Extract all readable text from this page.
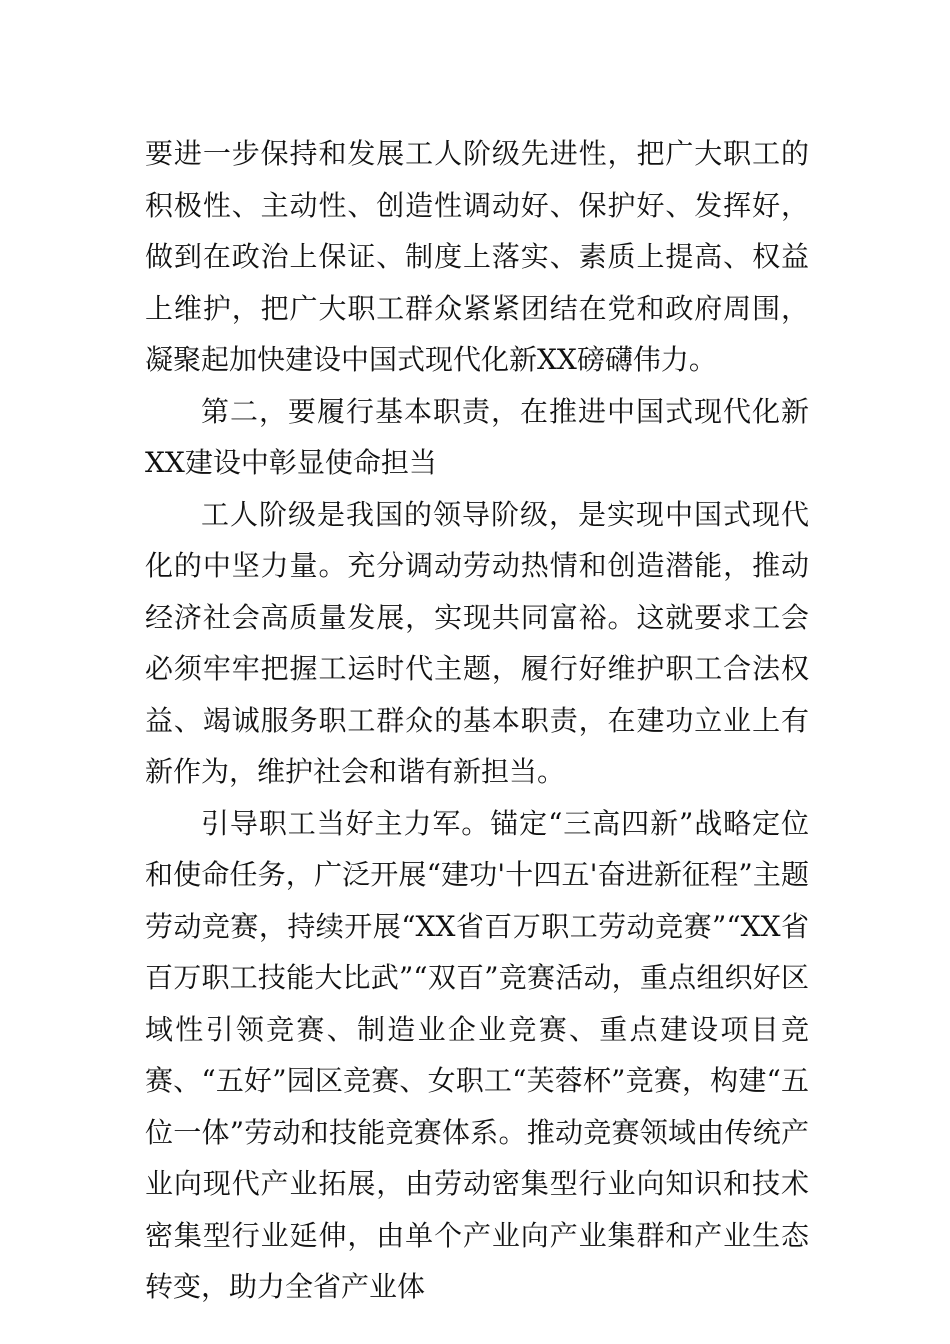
要进一步保持和发展工人阶级先进性，把广大职工的积极性、主动性、创造性调动好、保护好、发挥好，做到在政治上保证、制度上落实、素质上提高、权益上维护，把广大职工群众紧紧团结在党和政府周围，凝聚起加快建设中国式现代化新XX磅礴伟力。

第二，要履行基本职责，在推进中国式现代化新XX建设中彰显使命担当

工人阶级是我国的领导阶级，是实现中国式现代化的中坚力量。充分调动劳动热情和创造潜能，推动经济社会高质量发展，实现共同富裕。这就要求工会必须牢牢把握工运时代主题，履行好维护职工合法权益、竭诚服务职工群众的基本职责，在建功立业上有新作为，维护社会和谐有新担当。

引导职工当好主力军。锚定“三高四新”战略定位和使命任务，广泛开展“建功'十四五'奋进新征程”主题劳动竞赛，持续开展“XX省百万职工劳动竞赛”“XX省百万职工技能大比武”“双百”竞赛活动，重点组织好区域性引领竞赛、制造业企业竞赛、重点建设项目竞赛、“五好”园区竞赛、女职工“芙蓉杯”竞赛，构建“五位一体”劳动和技能竞赛体系。推动竞赛领域由传统产业向现代产业拓展，由劳动密集型行业向知识和技术密集型行业延伸，由单个产业向产业集群和产业生态转变，助力全省产业体
